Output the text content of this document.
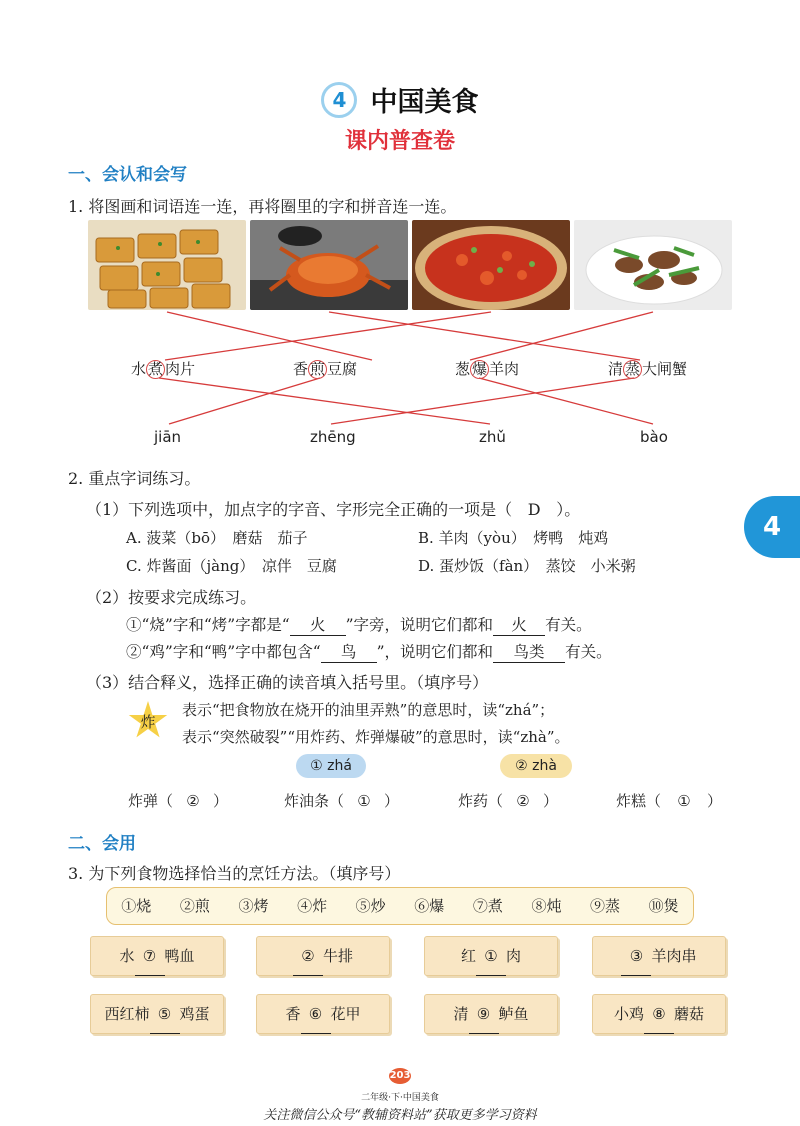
4 中国美食
课内普查卷
4
一、会认和会写
1. 将图画和词语连一连，再将圈里的字和拼音连一连。
水 煮 肉片	香 煎 豆腐	葱 爆 羊肉	清 蒸 大闸蟹
jiān	zhēng	zhǔ	bào
2. 重点字词练习。
（1）下列选项中，加点字的字音、字形完全正确的一项是（ D ）。
A. 菠菜（bō）　磨菇　茄子	B. 羊肉（yòu）　烤鸭　炖鸡
C. 炸酱面（jàng）　凉伴　豆腐	D. 蛋炒饭（fàn）　蒸饺　小米粥
（2）按要求完成练习。
①“烧”字和“烤”字都是“ 火 ”字旁，说明它们都和 火 有关。
②“鸡”字和“鸭”字中都包含“ 鸟 ”，说明它们都和 鸟类 有关。
（3）结合释义，选择正确的读音填入括号里。（填序号）
炸
表示“把食物放在烧开的油里弄熟”的意思时，读“zhá”；
表示“突然破裂”“用炸药、炸弹爆破”的意思时，读“zhà”。
① zhá	② zhà
炸弹（ ② ）	炸油条（ ① ）	炸药（ ② ）	炸糕（ ① ）
二、会用
3. 为下列食物选择恰当的烹饪方法。（填序号）
①烧 ②煎 ③烤 ④炸 ⑤炒 ⑥爆 ⑦煮 ⑧炖 ⑨蒸 ⑩煲
水 ⑦ 鸭血	② 牛排	红 ① 肉	③ 羊肉串
西红柿 ⑤ 鸡蛋	香 ⑥ 花甲	清 ⑨ 鲈鱼	小鸡 ⑧ 蘑菇
203
二年级·下·中国美食
关注微信公众号“教辅资料站”获取更多学习资料
